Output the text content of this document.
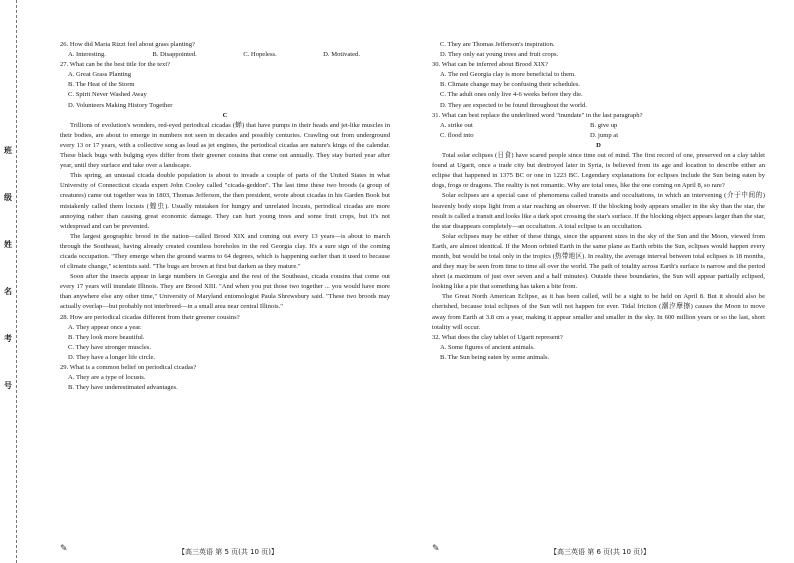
班
级
姓
名
考
号

26. How did Maria Rizzi feel about grass planting?

A. Interesting.	B. Disappointed.	C. Hopeless.	D. Motivated.

27. What can be the best title for the text?

A. Great Grass Planting

B. The Heat of the Storm

C. Spirit Never Washed Away

D. Volunteers Making History Together

C

Trillions of evolution's wonders, red-eyed periodical cicadas (蝉) that have pumps in their heads and jet-like muscles in their bodies, are about to emerge in numbers not seen in decades and possibly centuries. Crawling out from underground every 13 or 17 years, with a collective song as loud as jet engines, the periodical cicadas are nature's kings of the calendar. These black bugs with bulging eyes differ from their greener cousins that come out annually. They stay buried year after year, until they surface and take over a landscape.

This spring, an unusual cicada double population is about to invade a couple of parts of the United States in what University of Connecticut cicada expert John Cooley called "cicada-geddon". The last time these two broods (a group of creatures) came out together was in 1803, Thomas Jefferson, the then president, wrote about cicadas in his Garden Book but mistakenly called them locusts (蝗虫). Usually mistaken for hungry and unrelated locusts, periodical cicadas are more annoying rather than causing great economic damage. They can hurt young trees and some fruit crops, but it's not widespread and can be prevented.

The largest geographic brood in the nation—called Brood XIX and coming out every 13 years—is about to march through the Southeast, having already created countless boreholes in the red Georgia clay. It's a sure sign of the coming cicada occupation. "They emerge when the ground warms to 64 degrees, which is happening earlier than it used to because of climate change," scientists said. "The bugs are brown at first but darken as they mature."

Soon after the insects appear in large numbers in Georgia and the rest of the Southeast, cicada cousins that come out every 17 years will inundate Illinois. They are Brood XIII. "And when you put those two together ... you would have more than anywhere else any other time," University of Maryland entomologist Paula Shrewsbury said. "These two broods may actually overlap—but probably not interbreed—in a small area near central Illinois."

28. How are periodical cicadas different from their greener cousins?

A. They appear once a year.

B. They look more beautiful.

C. They have stronger muscles.

D. They have a longer life circle.

29. What is a common belief on periodical cicadas?

A. They are a type of locusts.

B. They have underestimated advantages.

C. They are Thomas Jefferson's inspiration.

D. They only eat young trees and fruit crops.

30. What can be inferred about Brood XIX?

A. The red Georgia clay is more beneficial to them.

B. Climate change may be confusing their schedules.

C. The adult ones only live 4-6 weeks before they die.

D. They are expected to be found throughout the world.

31. What can best replace the underlined word "inundate" in the last paragraph?

A. strike out	B. give up
C. flood into	D. jump at

D

Total solar eclipses (日食) have scared people since time out of mind. The first record of one, preserved on a clay tablet found at Ugarit, once a trade city but destroyed later in Syria, is believed from its age and location to describe either an eclipse that happened in 1375 BC or one in 1223 BC. Legendary explanations for eclipses include the Sun being eaten by dogs, frogs or dragons. The reality is not romantic. Why are total ones, like the one coming on April 8, so rare?

Solar eclipses are a special case of phenomena called transits and occultations, in which an intervening (介于中间的) heavenly body stops light from a star reaching an observer. If the blocking body appears smaller in the sky than the star, the result is called a transit and looks like a dark spot crossing the star's surface. If the blocking object appears larger than the star, the star disappears completely—an occultation. A total eclipse is an occultation.

Solar eclipses may be either of these things, since the apparent sizes in the sky of the Sun and the Moon, viewed from Earth, are almost identical. If the Moon orbited Earth in the same plane as Earth orbits the Sun, eclipses would happen every month, but would be total only in the tropics (热带地区). In reality, the average interval between total eclipses is 18 months, and they may be seen from time to time all over the world. The path of totality across Earth's surface is narrow and the period short (a maximum of just over seven and a half minutes). Outside these boundaries, the Sun will appear partially eclipsed, looking like a pie that something has taken a bite from.

The Great North American Eclipse, as it has been called, will be a sight to be held on April 8. But it should also be cherished, because total eclipses of the Sun will not happen for ever. Tidal friction (潮汐摩擦) causes the Moon to move away from Earth at 3.8 cm a year, making it appear smaller and smaller in the sky. In 600 million years or so the last, short totality will occur.

32. What does the clay tablet of Ugarit represent?

A. Some figures of ancient animals.

B. The Sun being eaten by some animals.

✎	【高三英语 第 5 页(共 10 页)】	✎	【高三英语 第 6 页(共 10 页)】
